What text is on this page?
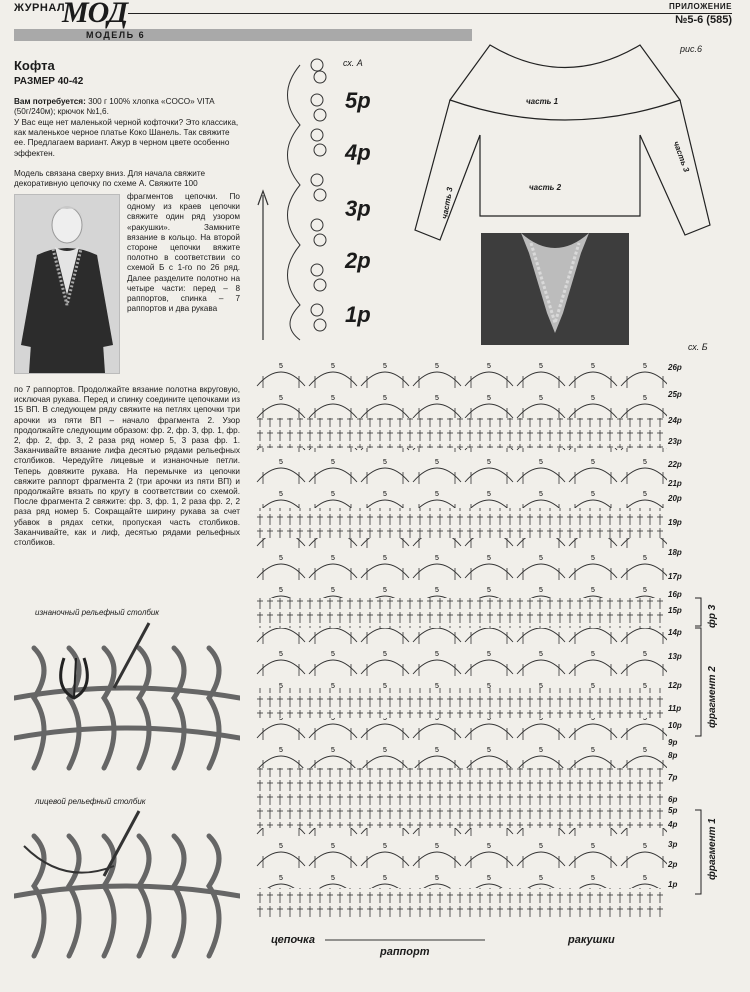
ЖУРНАЛ
МОД	ПРИЛОЖЕНИЕ
№5-6 (585)
МОДЕЛЬ 6
Кофта
РАЗМЕР 40-42
Вам потребуется: 300 г 100% хлопка «COCO» VITA (50г/240м); крючок №1,6.
У Вас еще нет маленькой черной кофточки? Это классика, как маленькое черное платье Коко Шанель. Так свяжите ее. Предлагаем вариант. Ажур в черном цвете особенно эффектен.
Модель связана сверху вниз. Для начала свяжите декоративную цепочку по схеме А. Свяжите 100
фрагментов цепочки. По одному из краев цепочки свяжите один ряд узором «ракушки». Замкните вязание в кольцо. На второй стороне цепочки вяжите полотно в соответствии со схемой Б с 1-го по 26 ряд. Далее разделите полотно на четыре части: перед – 8 раппортов, спинка – 7 раппортов и два рукава
по 7 раппортов. Продолжайте вязание полотна вкруговую, исключая рукава. Перед и спинку соедините цепочками из 15 ВП. В следующем ряду свяжите на петлях цепочки три арочки из пяти ВП – начало фрагмента 2. Узор продолжайте следующим образом: фр. 2, фр. 3, фр. 1, фр. 2, фр. 2, фр. 3, 2 раза ряд номер 5, 3 раза фр. 1. Заканчивайте вязание лифа десятью рядами рельефных столбиков. Чередуйте лицевые и изнаночные петли. Теперь довяжите рукава. На перемычке из цепочки свяжите раппорт фрагмента 2 (три арочки из пяти ВП) и продолжайте вязать по кругу в соответствии со схемой. После фрагмента 2 свяжите: фр. 3, фр. 1, 2 раза фр. 2, 2 раза ряд номер 5. Сокращайте ширину рукава за счет убавок в рядах сетки, пропуская часть столбиков. Заканчивайте, как и лиф, десятью рядами рельефных столбиков.
изнаночный рельефный столбик
лицевой рельефный столбик
сх. А
5р
4р
3р
2р
1р
рис.6
часть 1
часть 2
часть 3
часть 3
сх. Б
26р
25р
24р
23р
22р
21р
20р
19р
18р
17р
16р
15р
14р
13р
12р
11р
10р
9р
8р
7р
6р
5р
4р
3р
2р
1р
фр 3
фрагмент 2
фрагмент 1
цепочка
раппорт
ракушки
